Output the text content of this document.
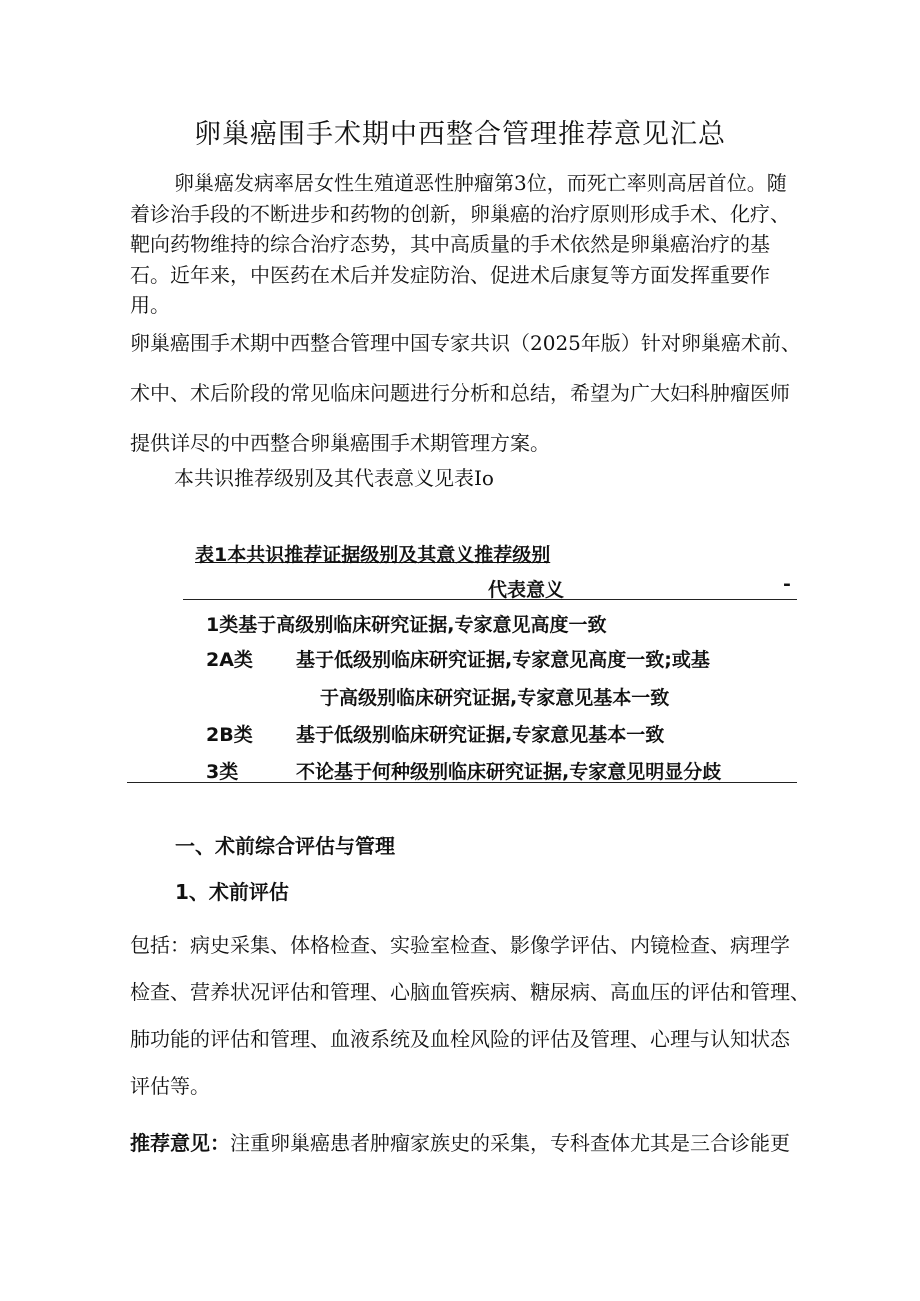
卵巢癌围手术期中西整合管理推荐意见汇总
卵巢癌发病率居女性生殖道恶性肿瘤第3位，而死亡率则高居首位。随
着诊治手段的不断进步和药物的创新，卵巢癌的治疗原则形成手术、化疗、
靶向药物维持的综合治疗态势，其中高质量的手术依然是卵巢癌治疗的基
石。近年来，中医药在术后并发症防治、促进术后康复等方面发挥重要作
用。
卵巢癌围手术期中西整合管理中国专家共识（2025年版）针对卵巢癌术前、
术中、术后阶段的常见临床问题进行分析和总结，希望为广大妇科肿瘤医师
提供详尽的中西整合卵巢癌围手术期管理方案。
本共识推荐级别及其代表意义见表Io
表1本共识推荐证据级别及其意义推荐级别
代表意义	-
1类基于高级别临床研究证据,专家意见高度一致
2A类 基于低级别临床研究证据,专家意见高度一致;或基
于高级别临床研究证据,专家意见基本一致
2B类 基于低级别临床研究证据,专家意见基本一致
3类	不论基于何种级别临床研究证据,专家意见明显分歧
一、术前综合评估与管理
1、术前评估
包括：病史采集、体格检查、实验室检查、影像学评估、内镜检查、病理学
检查、营养状况评估和管理、心脑血管疾病、糖尿病、高血压的评估和管理、
肺功能的评估和管理、血液系统及血栓风险的评估及管理、心理与认知状态
评估等。
推荐意见：注重卵巢癌患者肿瘤家族史的采集，专科查体尤其是三合诊能更
